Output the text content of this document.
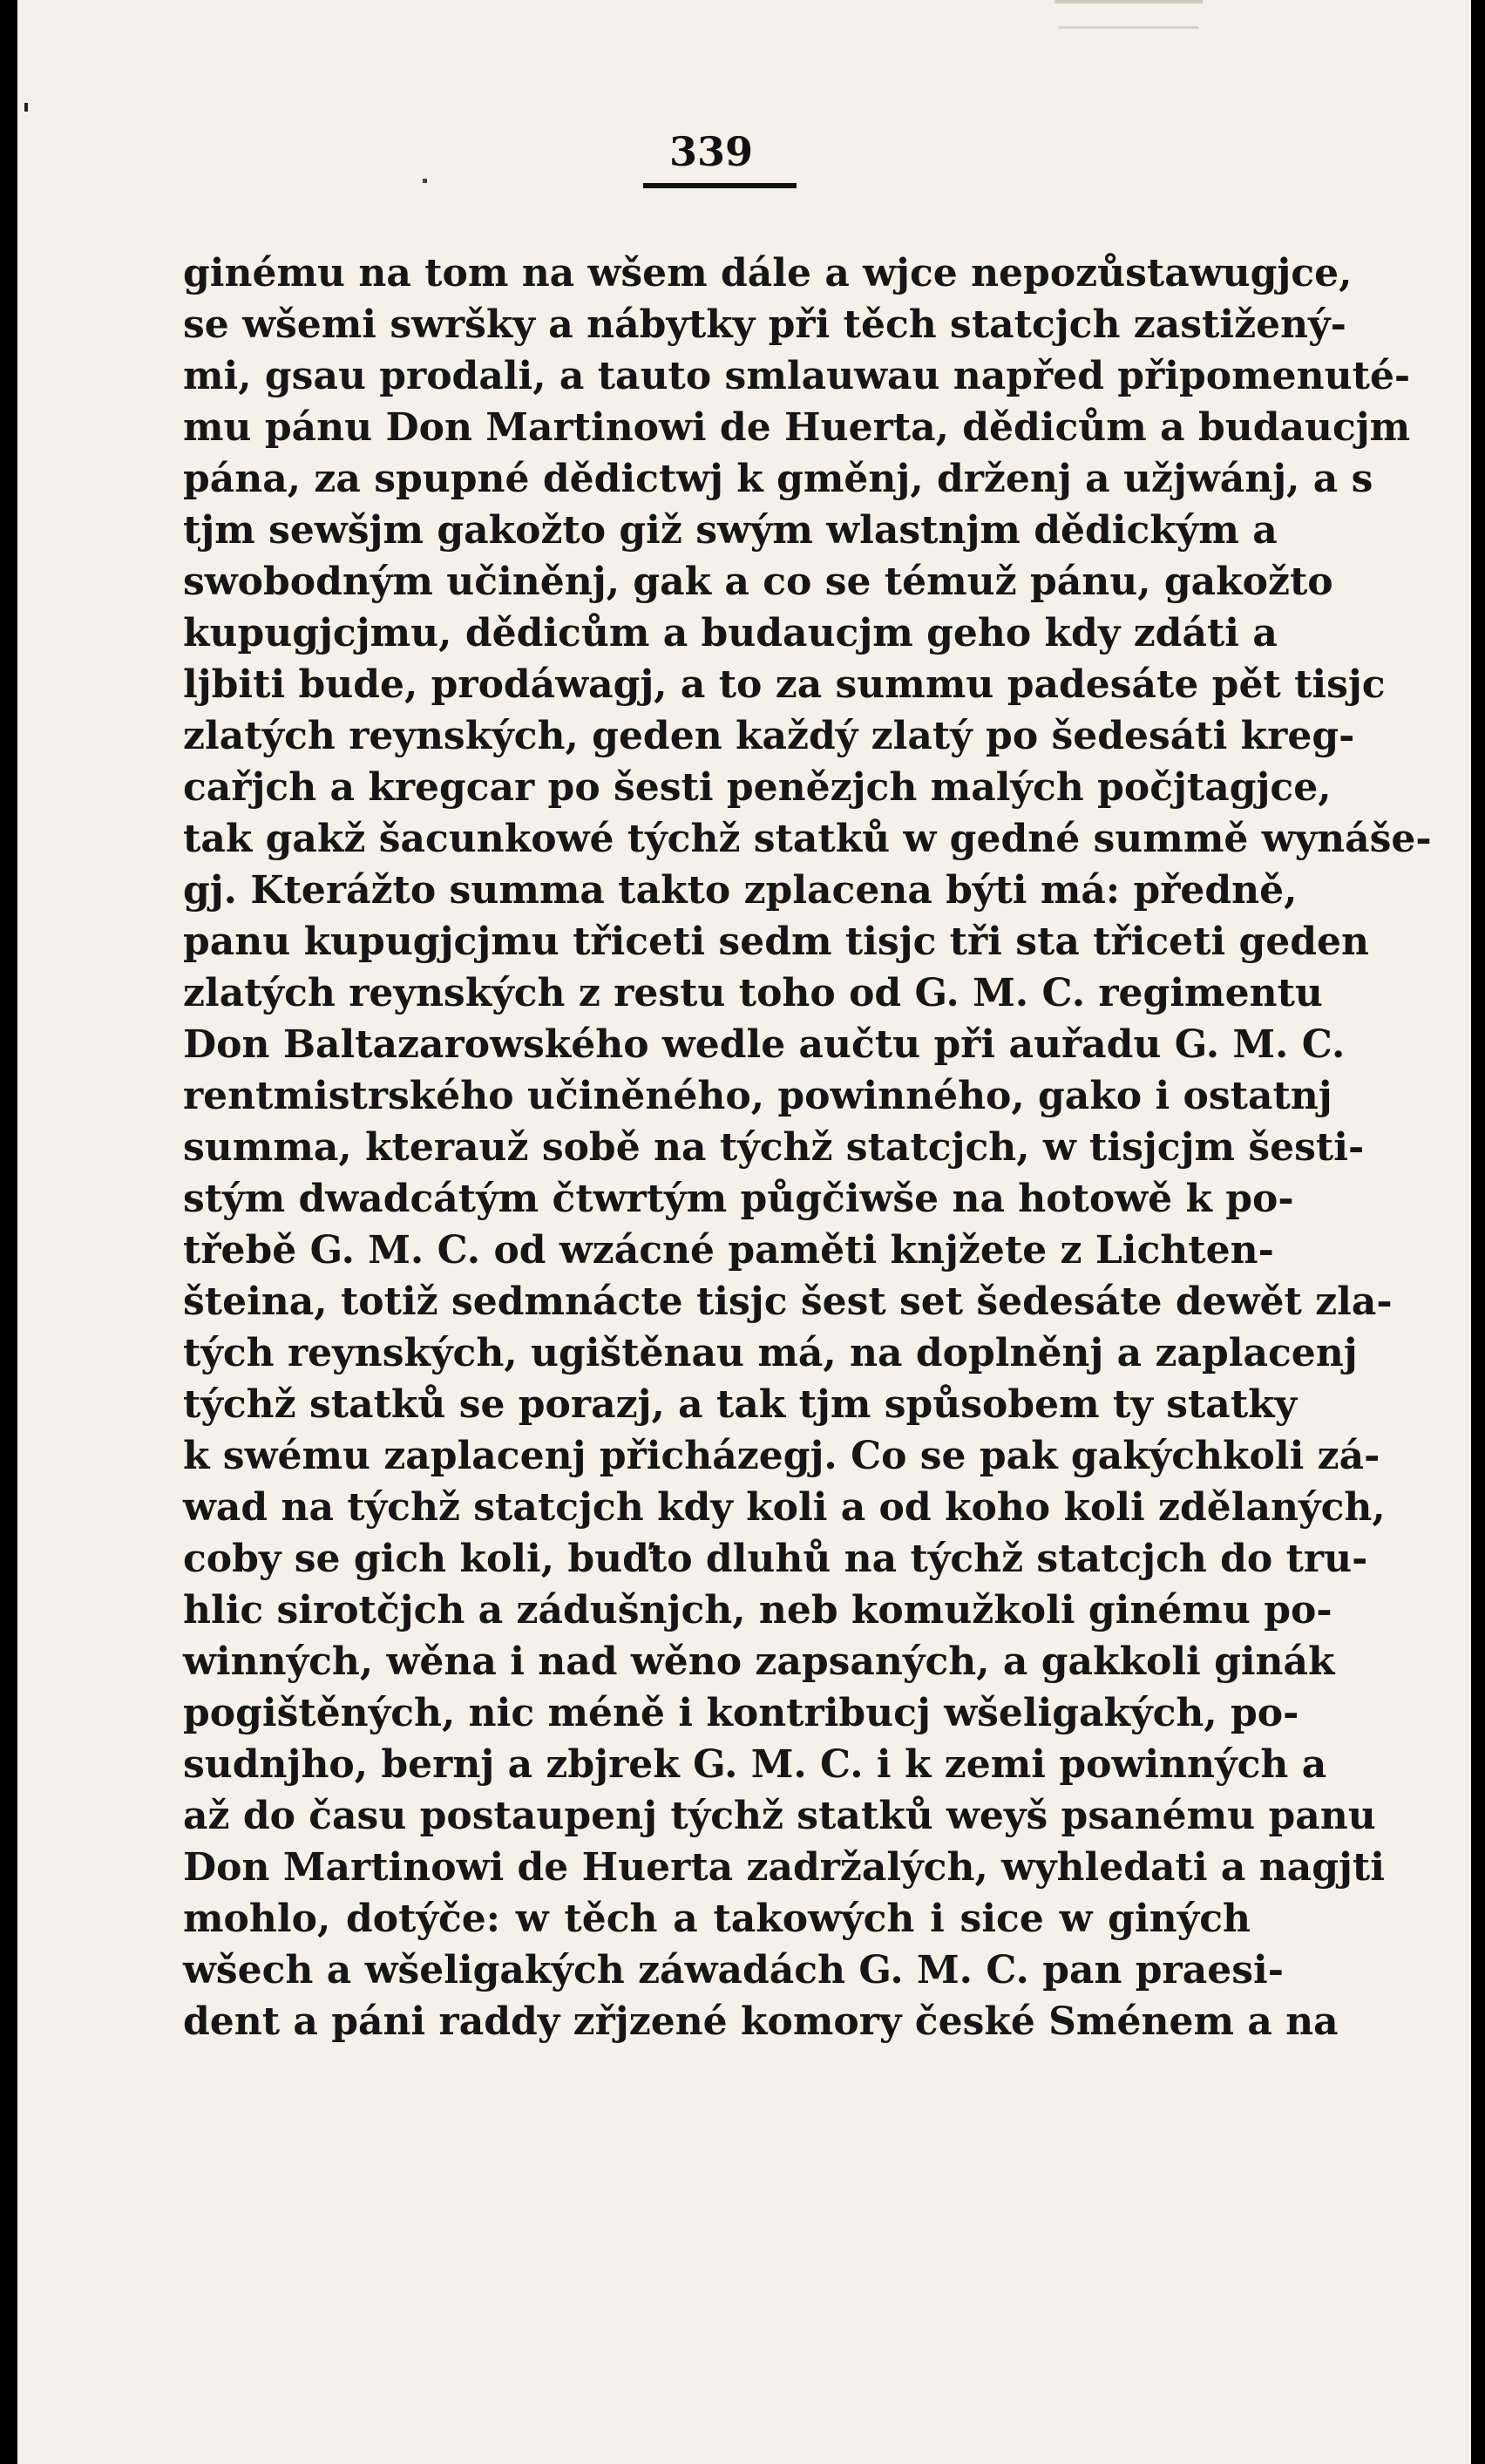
339
ginému na tom na wšem dále a wjce nepozůstawugjce,
se wšemi swršky a nábytky při těch statcjch zastižený-
mi, gsau prodali, a tauto smlauwau napřed připomenuté-
mu pánu Don Martinowi de Huerta, dědicům a budaucjm
pána, za spupné dědictwj k gměnj, drženj a užjwánj, a s
tjm sewšjm gakožto giž swým wlastnjm dědickým a
swobodným učiněnj, gak a co se témuž pánu, gakožto
kupugjcjmu, dědicům a budaucjm geho kdy zdáti a
ljbiti bude, prodáwagj, a to za summu padesáte pět tisjc
zlatých reynských, geden každý zlatý po šedesáti kreg-
cařjch a kregcar po šesti penězjch malých počjtagjce,
tak gakž šacunkowé týchž statků w gedné summě wynáše-
gj. Kterážto summa takto zplacena býti má: předně,
panu kupugjcjmu třiceti sedm tisjc tři sta třiceti geden
zlatých reynských z restu toho od G. M. C. regimentu
Don Baltazarowského wedle aučtu při auřadu G. M. C.
rentmistrského učiněného, powinného, gako i ostatnj
summa, kterauž sobě na týchž statcjch, w tisjcjm šesti-
stým dwadcátým čtwrtým půgčiwše na hotowě k po-
třebě G. M. C. od wzácné paměti knjžete z Lichten-
šteina, totiž sedmnácte tisjc šest set šedesáte dewět zla-
tých reynských, ugištěnau má, na doplněnj a zaplacenj
týchž statků se porazj, a tak tjm spůsobem ty statky
k swému zaplacenj přicházegj. Co se pak gakýchkoli zá-
wad na týchž statcjch kdy koli a od koho koli zdělaných,
coby se gich koli, buďto dluhů na týchž statcjch do tru-
hlic sirotčjch a zádušnjch, neb komužkoli ginému po-
winných, wěna i nad wěno zapsaných, a gakkoli ginák
pogištěných, nic méně i kontribucj wšeligakých, po-
sudnjho, bernj a zbjrek G. M. C. i k zemi powinných a
až do času postaupenj týchž statků weyš psanému panu
Don Martinowi de Huerta zadržalých, wyhledati a nagjti
mohlo, dotýče: w těch a takowých i sice w giných
wšech a wšeligakých záwadách G. M. C. pan praesi-
dent a páni raddy zřjzené komory české Sménem a na
